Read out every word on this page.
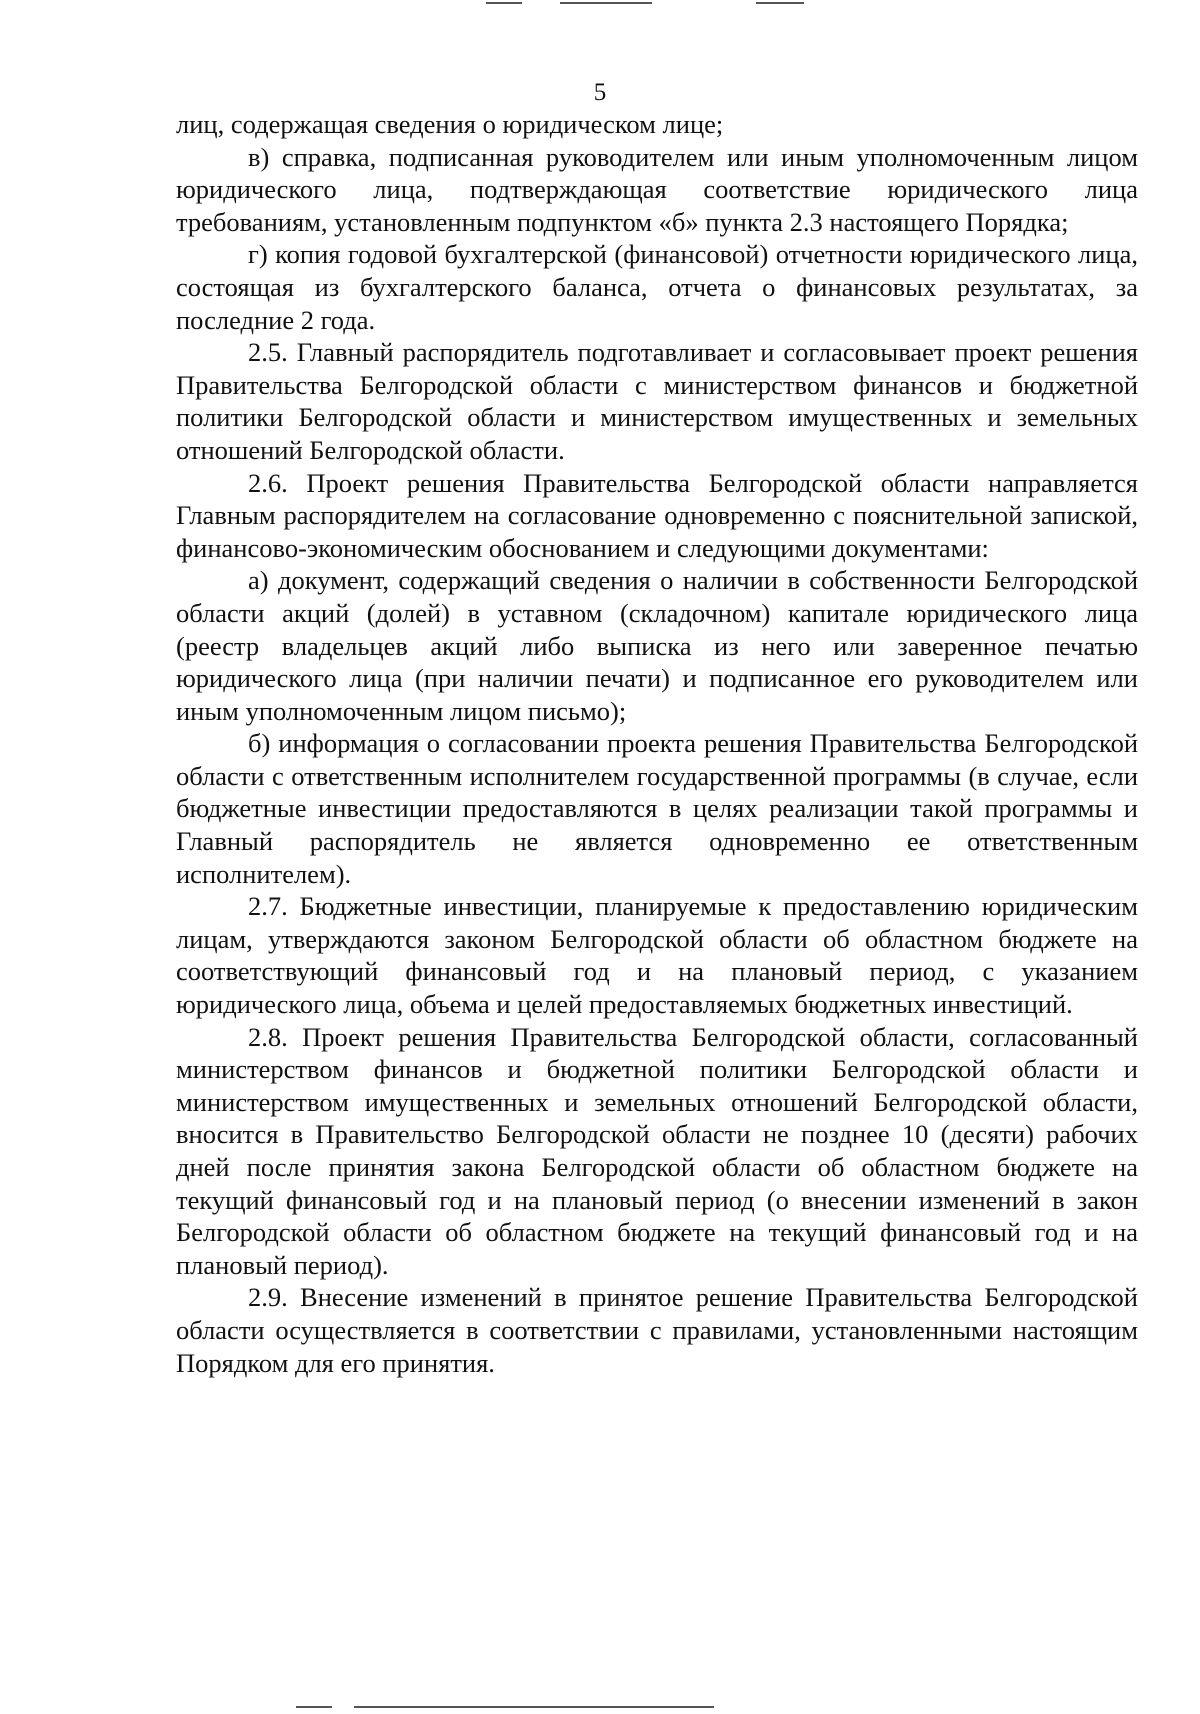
5

лиц, содержащая сведения о юридическом лице;

в) справка, подписанная руководителем или иным уполномоченным лицом юридического лица, подтверждающая соответствие юридического лица требованиям, установленным подпунктом «б» пункта 2.3 настоящего Порядка;

г) копия годовой бухгалтерской (финансовой) отчетности юридического лица, состоящая из бухгалтерского баланса, отчета о финансовых результатах, за последние 2 года.

2.5. Главный распорядитель подготавливает и согласовывает проект решения Правительства Белгородской области с министерством финансов и бюджетной политики Белгородской области и министерством имущественных и земельных отношений Белгородской области.

2.6. Проект решения Правительства Белгородской области направляется Главным распорядителем на согласование одновременно с пояснительной запиской, финансово-экономическим обоснованием и следующими документами:

а) документ, содержащий сведения о наличии в собственности Белгородской области акций (долей) в уставном (складочном) капитале юридического лица (реестр владельцев акций либо выписка из него или заверенное печатью юридического лица (при наличии печати) и подписанное его руководителем или иным уполномоченным лицом письмо);

б) информация о согласовании проекта решения Правительства Белгородской области с ответственным исполнителем государственной программы (в случае, если бюджетные инвестиции предоставляются в целях реализации такой программы и Главный распорядитель не является одновременно ее ответственным исполнителем).

2.7. Бюджетные инвестиции, планируемые к предоставлению юридическим лицам, утверждаются законом Белгородской области об областном бюджете на соответствующий финансовый год и на плановый период, с указанием юридического лица, объема и целей предоставляемых бюджетных инвестиций.

2.8. Проект решения Правительства Белгородской области, согласованный министерством финансов и бюджетной политики Белгородской области и министерством имущественных и земельных отношений Белгородской области, вносится в Правительство Белгородской области не позднее 10 (десяти) рабочих дней после принятия закона Белгородской области об областном бюджете на текущий финансовый год и на плановый период (о внесении изменений в закон Белгородской области об областном бюджете на текущий финансовый год и на плановый период).

2.9. Внесение изменений в принятое решение Правительства Белгородской области осуществляется в соответствии с правилами, установленными настоящим Порядком для его принятия.
